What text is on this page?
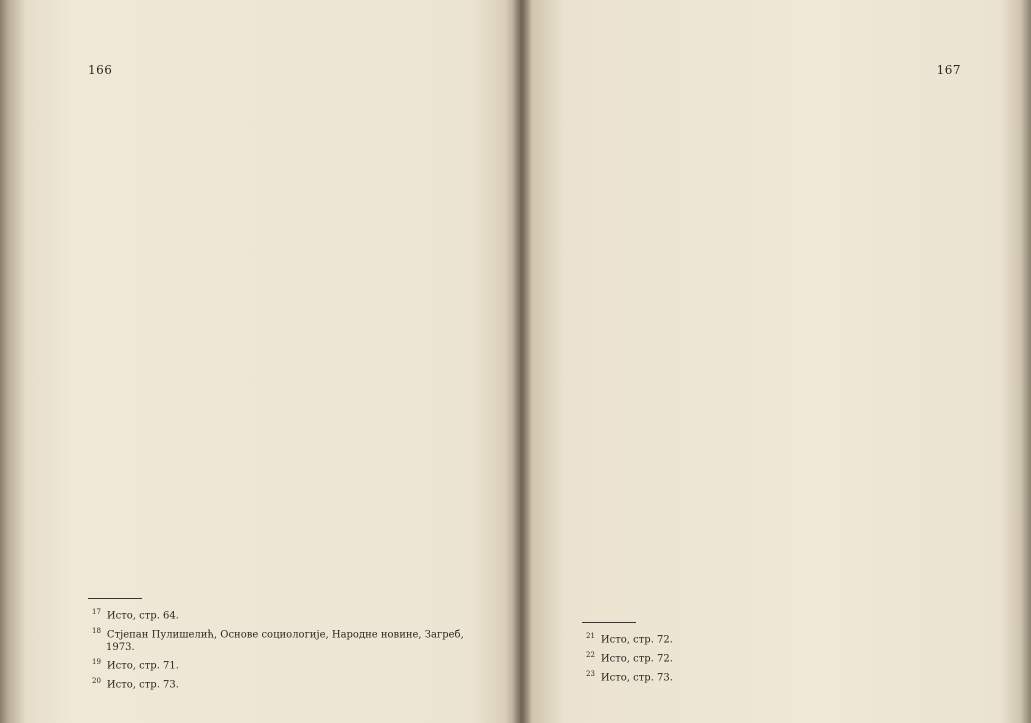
166

$^{17}$ Исто, стр. 64.

$^{18}$ Стјепан Пулишелић, Основе социологије, Народне новине, Загреб, 1973.

$^{19}$ Исто, стр. 71.

$^{20}$ Исто, стр. 73.

167

$^{21}$ Исто, стр. 72.

$^{22}$ Исто, стр. 72.

$^{23}$ Исто, стр. 73.
